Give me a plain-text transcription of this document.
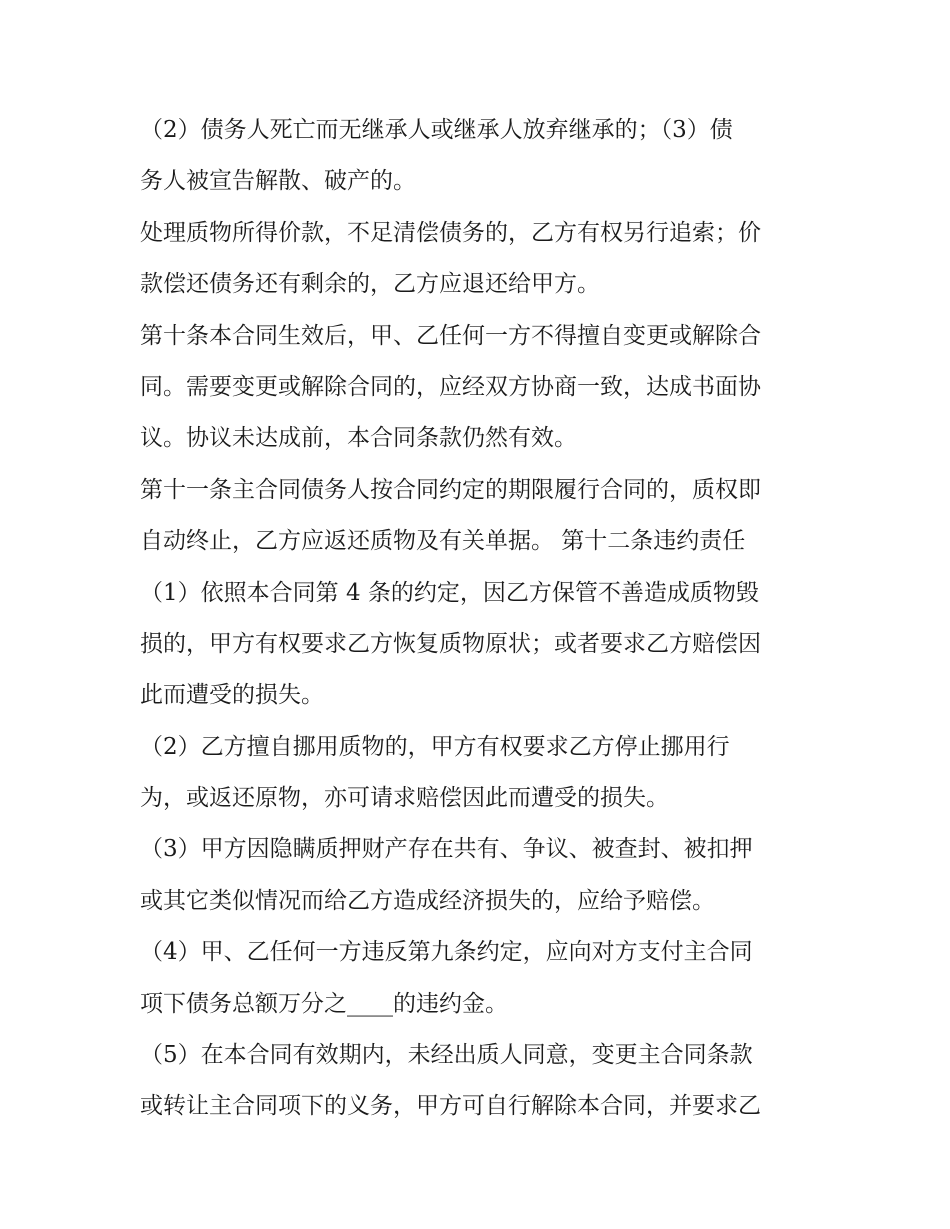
（2）债务人死亡而无继承人或继承人放弃继承的；（3）债
务人被宣告解散、破产的。
处理质物所得价款，不足清偿债务的，乙方有权另行追索；价
款偿还债务还有剩余的，乙方应退还给甲方。
第十条本合同生效后，甲、乙任何一方不得擅自变更或解除合
同。需要变更或解除合同的，应经双方协商一致，达成书面协
议。协议未达成前，本合同条款仍然有效。
第十一条主合同债务人按合同约定的期限履行合同的，质权即
自动终止，乙方应返还质物及有关单据。 第十二条违约责任
（1）依照本合同第 4 条的约定，因乙方保管不善造成质物毁
损的，甲方有权要求乙方恢复质物原状；或者要求乙方赔偿因
此而遭受的损失。
（2）乙方擅自挪用质物的，甲方有权要求乙方停止挪用行
为，或返还原物，亦可请求赔偿因此而遭受的损失。
（3）甲方因隐瞒质押财产存在共有、争议、被查封、被扣押
或其它类似情况而给乙方造成经济损失的，应给予赔偿。
（4）甲、乙任何一方违反第九条约定，应向对方支付主合同
项下债务总额万分之____的违约金。
（5）在本合同有效期内，未经出质人同意，变更主合同条款
或转让主合同项下的义务，甲方可自行解除本合同，并要求乙
